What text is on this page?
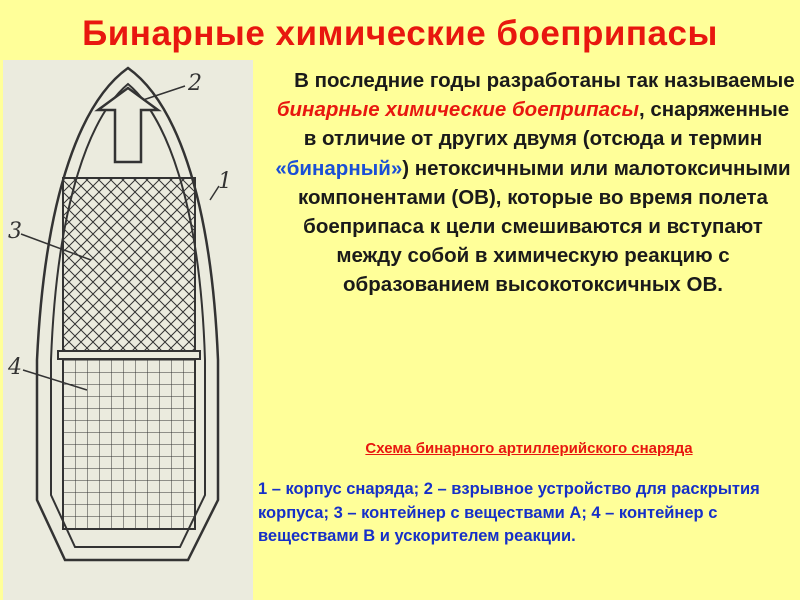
Бинарные химические боеприпасы
2
1
3
4
В последние годы разработаны так называемые бинарные химические боеприпасы, снаряженные в отличие от других двумя (отсюда и термин «бинарный») нетоксичными или малотоксичными компонентами (ОВ), которые во время полета боеприпаса к цели смешиваются и вступают между собой в химическую реакцию с образованием высокотоксичных ОВ.
Схема бинарного артиллерийского снаряда
1 – корпус снаряда; 2 – взрывное устройство для раскрытия корпуса; 3 – контейнер с веществами А; 4 – контейнер с веществами В и ускорителем реакции.
